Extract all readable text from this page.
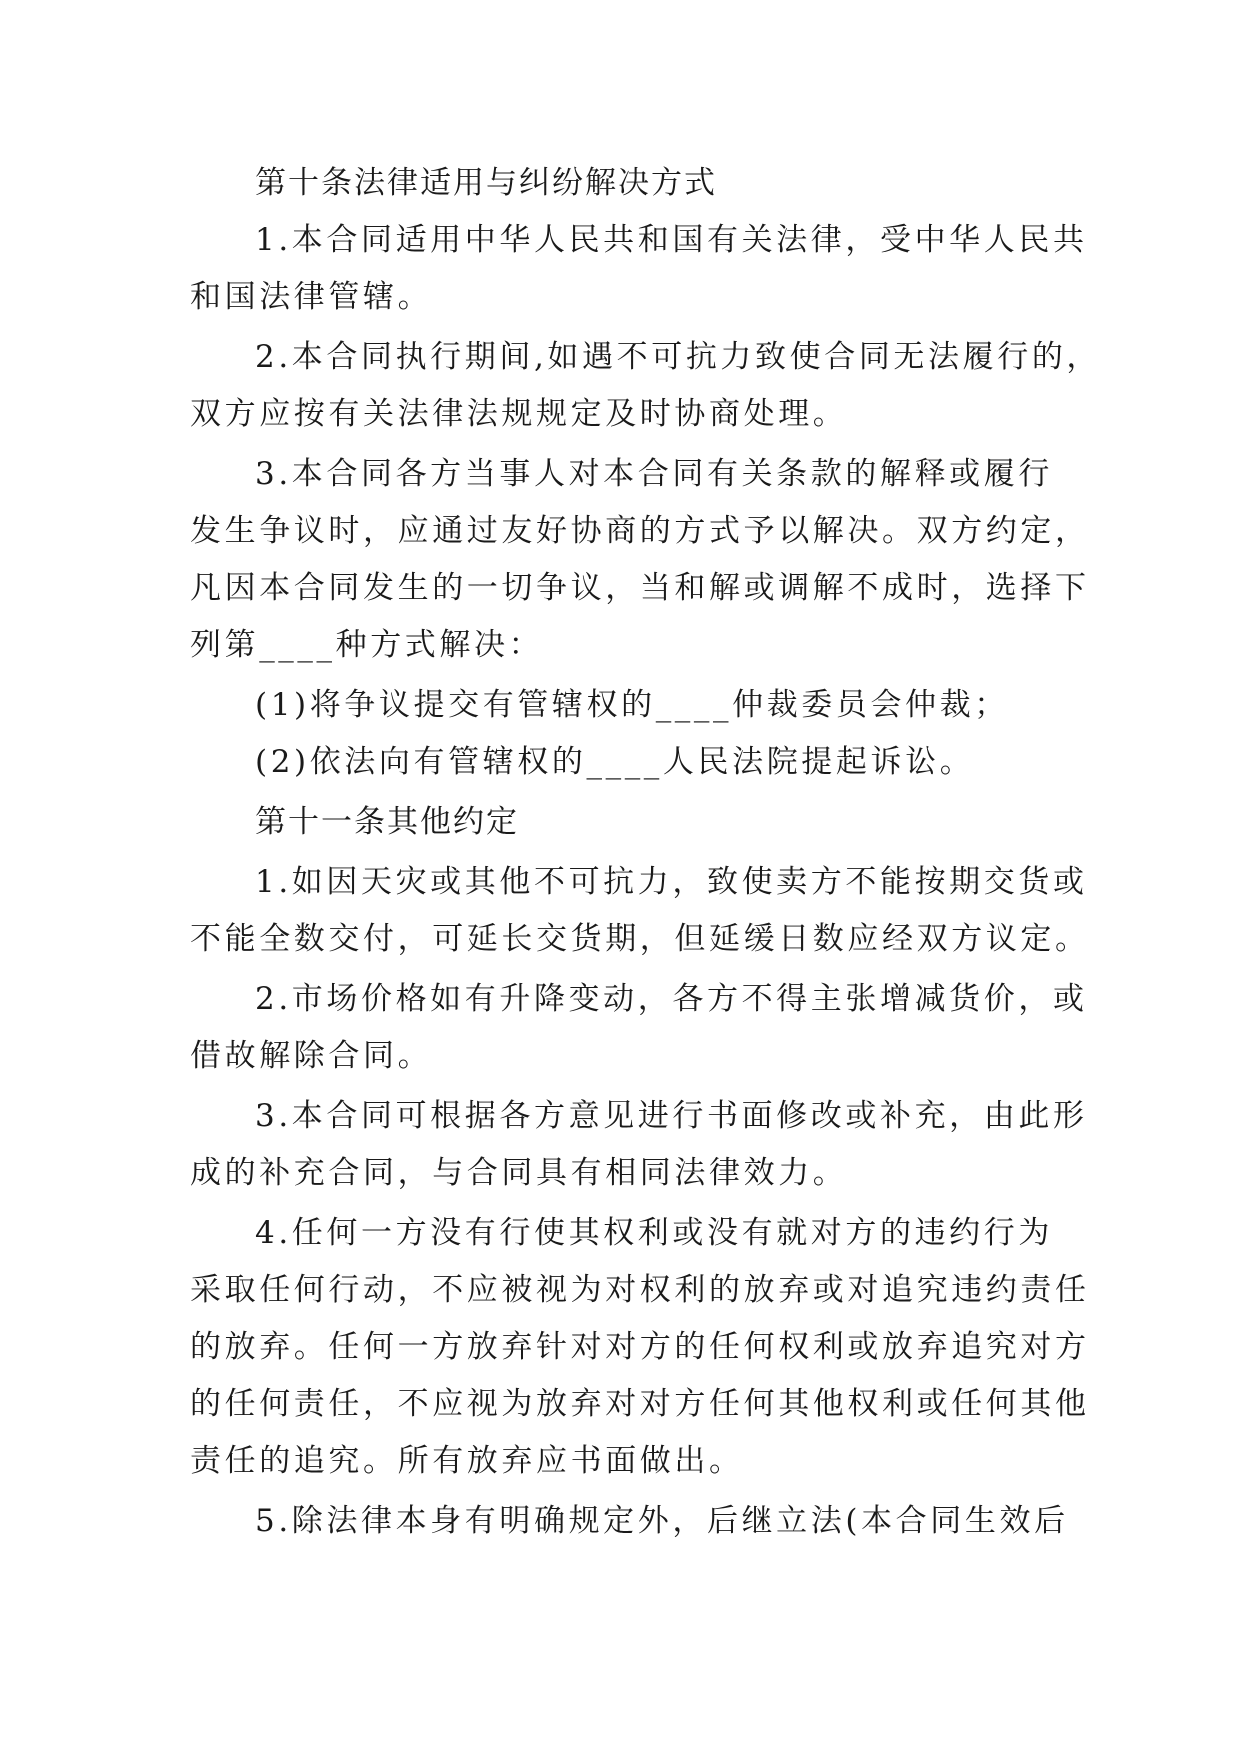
第十条法律适用与纠纷解决方式
1.本合同适用中华人民共和国有关法律，受中华人民共
和国法律管辖。
2.本合同执行期间,如遇不可抗力致使合同无法履行的，
双方应按有关法律法规规定及时协商处理。
3.本合同各方当事人对本合同有关条款的解释或履行
发生争议时，应通过友好协商的方式予以解决。双方约定，
凡因本合同发生的一切争议，当和解或调解不成时，选择下
列第____种方式解决：
(1)将争议提交有管辖权的____仲裁委员会仲裁；
(2)依法向有管辖权的____人民法院提起诉讼。
第十一条其他约定
1.如因天灾或其他不可抗力，致使卖方不能按期交货或
不能全数交付，可延长交货期，但延缓日数应经双方议定。
2.市场价格如有升降变动，各方不得主张增减货价，或
借故解除合同。
3.本合同可根据各方意见进行书面修改或补充，由此形
成的补充合同，与合同具有相同法律效力。
4.任何一方没有行使其权利或没有就对方的违约行为
采取任何行动，不应被视为对权利的放弃或对追究违约责任
的放弃。任何一方放弃针对对方的任何权利或放弃追究对方
的任何责任，不应视为放弃对对方任何其他权利或任何其他
责任的追究。所有放弃应书面做出。
5.除法律本身有明确规定外，后继立法(本合同生效后
